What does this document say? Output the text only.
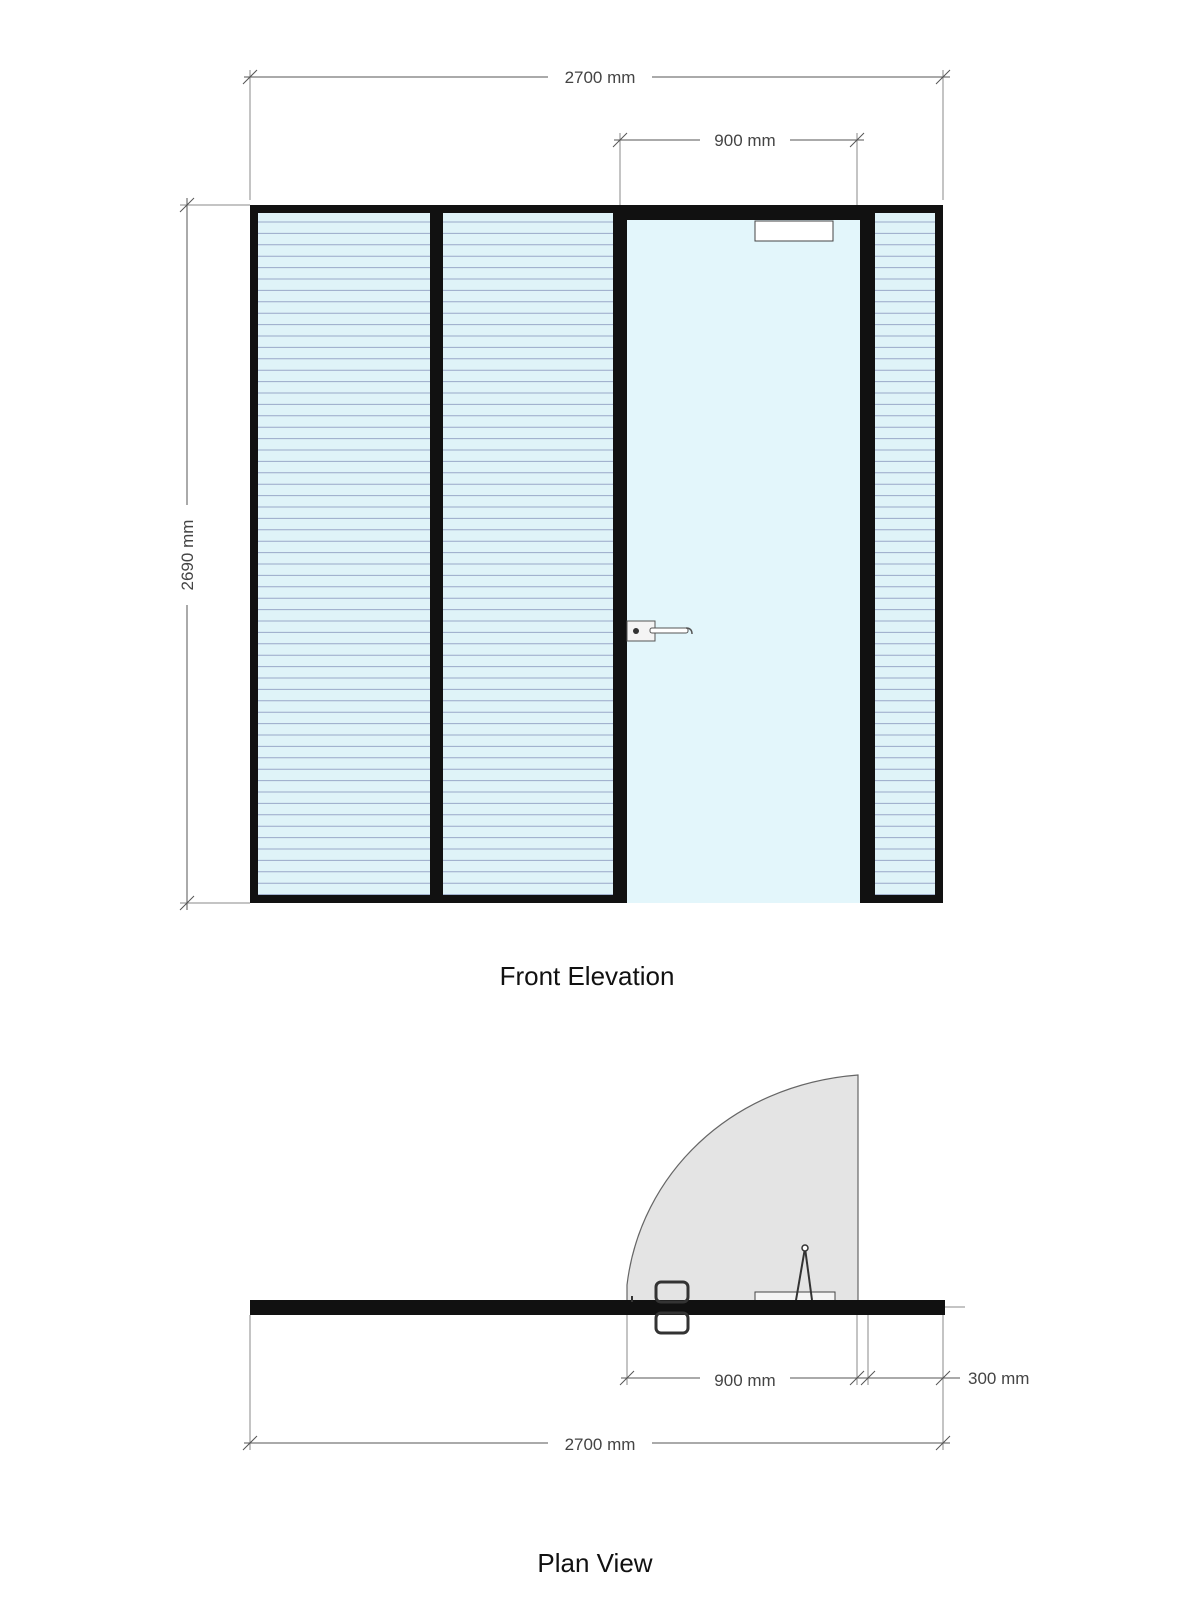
2700 mm
900 mm
2690 mm
Front Elevation
900 mm	300 mm
2700 mm
Plan View
